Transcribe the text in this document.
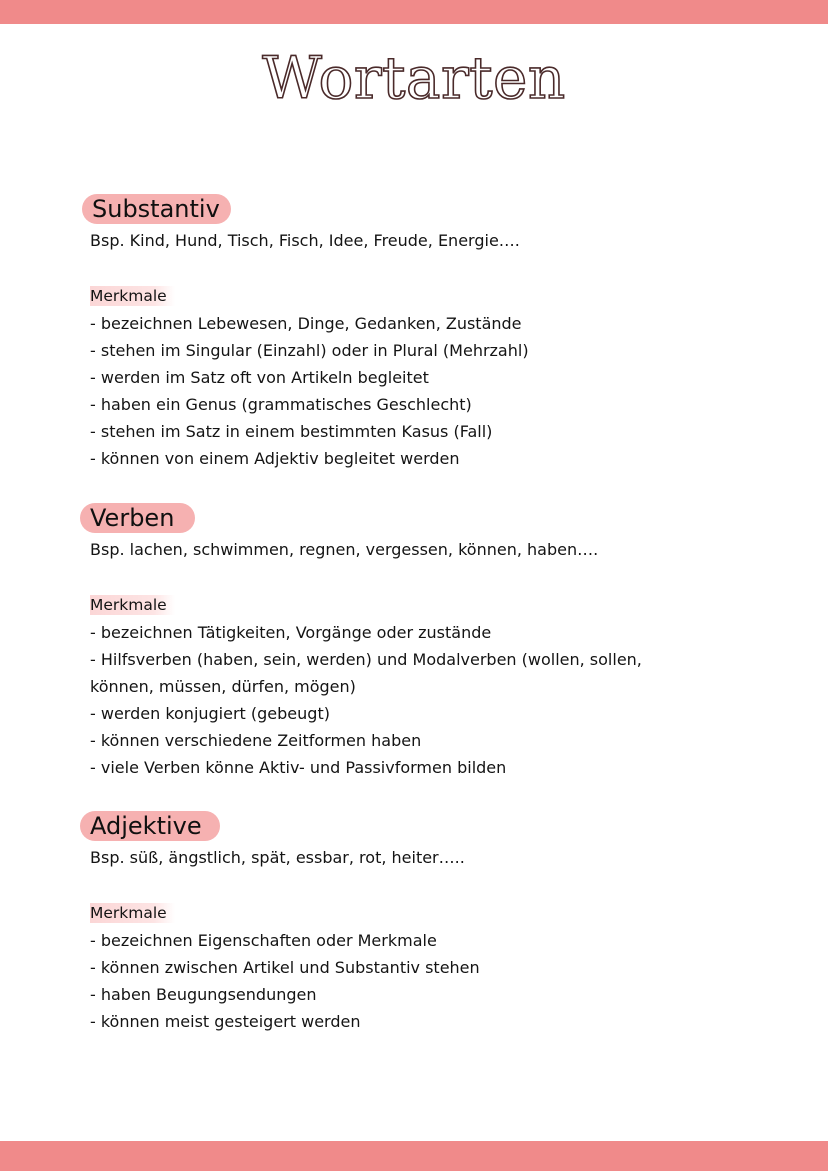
Wortarten
Substantiv

Bsp. Kind, Hund, Tisch, Fisch, Idee, Freude, Energie….

Merkmale
- bezeichnen Lebewesen, Dinge, Gedanken, Zustände
- stehen im Singular (Einzahl) oder in Plural (Mehrzahl)
- werden im Satz oft von Artikeln begleitet
- haben ein Genus (grammatisches Geschlecht)
- stehen im Satz in einem bestimmten Kasus (Fall)
- können von einem Adjektiv begleitet werden
Verben

Bsp. lachen, schwimmen, regnen, vergessen, können, haben….

Merkmale
- bezeichnen Tätigkeiten, Vorgänge oder zustände
- Hilfsverben (haben, sein, werden) und Modalverben (wollen, sollen,
können, müssen, dürfen, mögen)
- werden konjugiert (gebeugt)
- können verschiedene Zeitformen haben
- viele Verben könne Aktiv- und Passivformen bilden
Adjektive

Bsp. süß, ängstlich, spät, essbar, rot, heiter…..

Merkmale
- bezeichnen Eigenschaften oder Merkmale
- können zwischen Artikel und Substantiv stehen
- haben Beugungsendungen
- können meist gesteigert werden
